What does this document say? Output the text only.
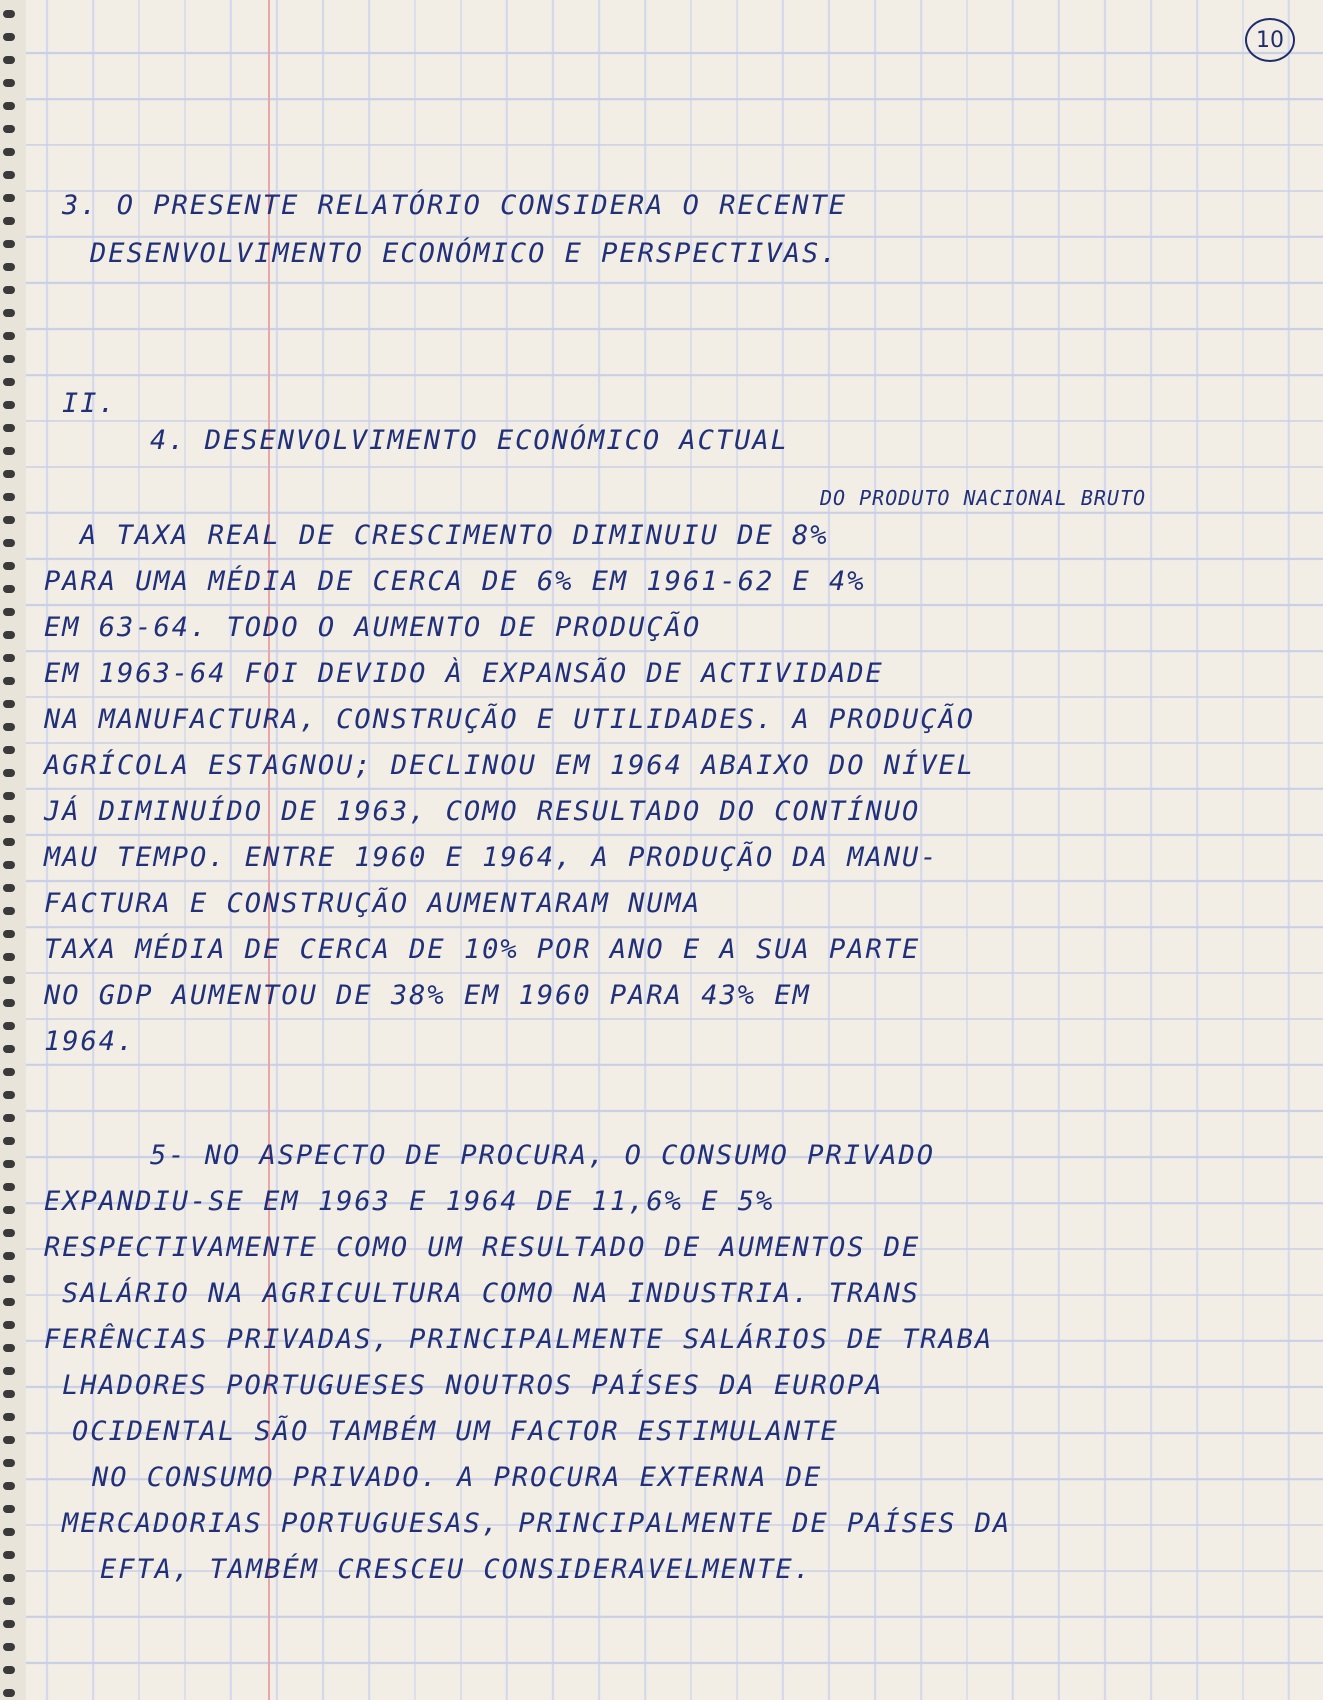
10
3. O PRESENTE RELATÓRIO CONSIDERA O RECENTE
DESENVOLVIMENTO ECONÓMICO E PERSPECTIVAS.
II.
4. DESENVOLVIMENTO ECONÓMICO ACTUAL
DO PRODUTO NACIONAL BRUTO
A TAXA REAL DE CRESCIMENTO DIMINUIU DE 8%
PARA UMA MÉDIA DE CERCA DE 6% EM 1961-62 E 4%
EM 63-64. TODO O AUMENTO DE PRODUÇÃO
EM 1963-64 FOI DEVIDO À EXPANSÃO DE ACTIVIDADE
NA MANUFACTURA, CONSTRUÇÃO E UTILIDADES. A PRODUÇÃO
AGRÍCOLA ESTAGNOU; DECLINOU EM 1964 ABAIXO DO NÍVEL
JÁ DIMINUÍDO DE 1963, COMO RESULTADO DO CONTÍNUO
MAU TEMPO. ENTRE 1960 E 1964, A PRODUÇÃO DA MANU-
FACTURA E CONSTRUÇÃO AUMENTARAM NUMA
TAXA MÉDIA DE CERCA DE 10% POR ANO E A SUA PARTE
NO GDP AUMENTOU DE 38% EM 1960 PARA 43% EM
1964.
5- NO ASPECTO DE PROCURA, O CONSUMO PRIVADO
EXPANDIU-SE EM 1963 E 1964 DE 11,6% E 5%
RESPECTIVAMENTE COMO UM RESULTADO DE AUMENTOS DE
SALÁRIO NA AGRICULTURA COMO NA INDUSTRIA. TRANS
FERÊNCIAS PRIVADAS, PRINCIPALMENTE SALÁRIOS DE TRABA
LHADORES PORTUGUESES NOUTROS PAÍSES DA EUROPA
OCIDENTAL SÃO TAMBÉM UM FACTOR ESTIMULANTE
NO CONSUMO PRIVADO. A PROCURA EXTERNA DE
MERCADORIAS PORTUGUESAS, PRINCIPALMENTE DE PAÍSES DA
EFTA, TAMBÉM CRESCEU CONSIDERAVELMENTE.
